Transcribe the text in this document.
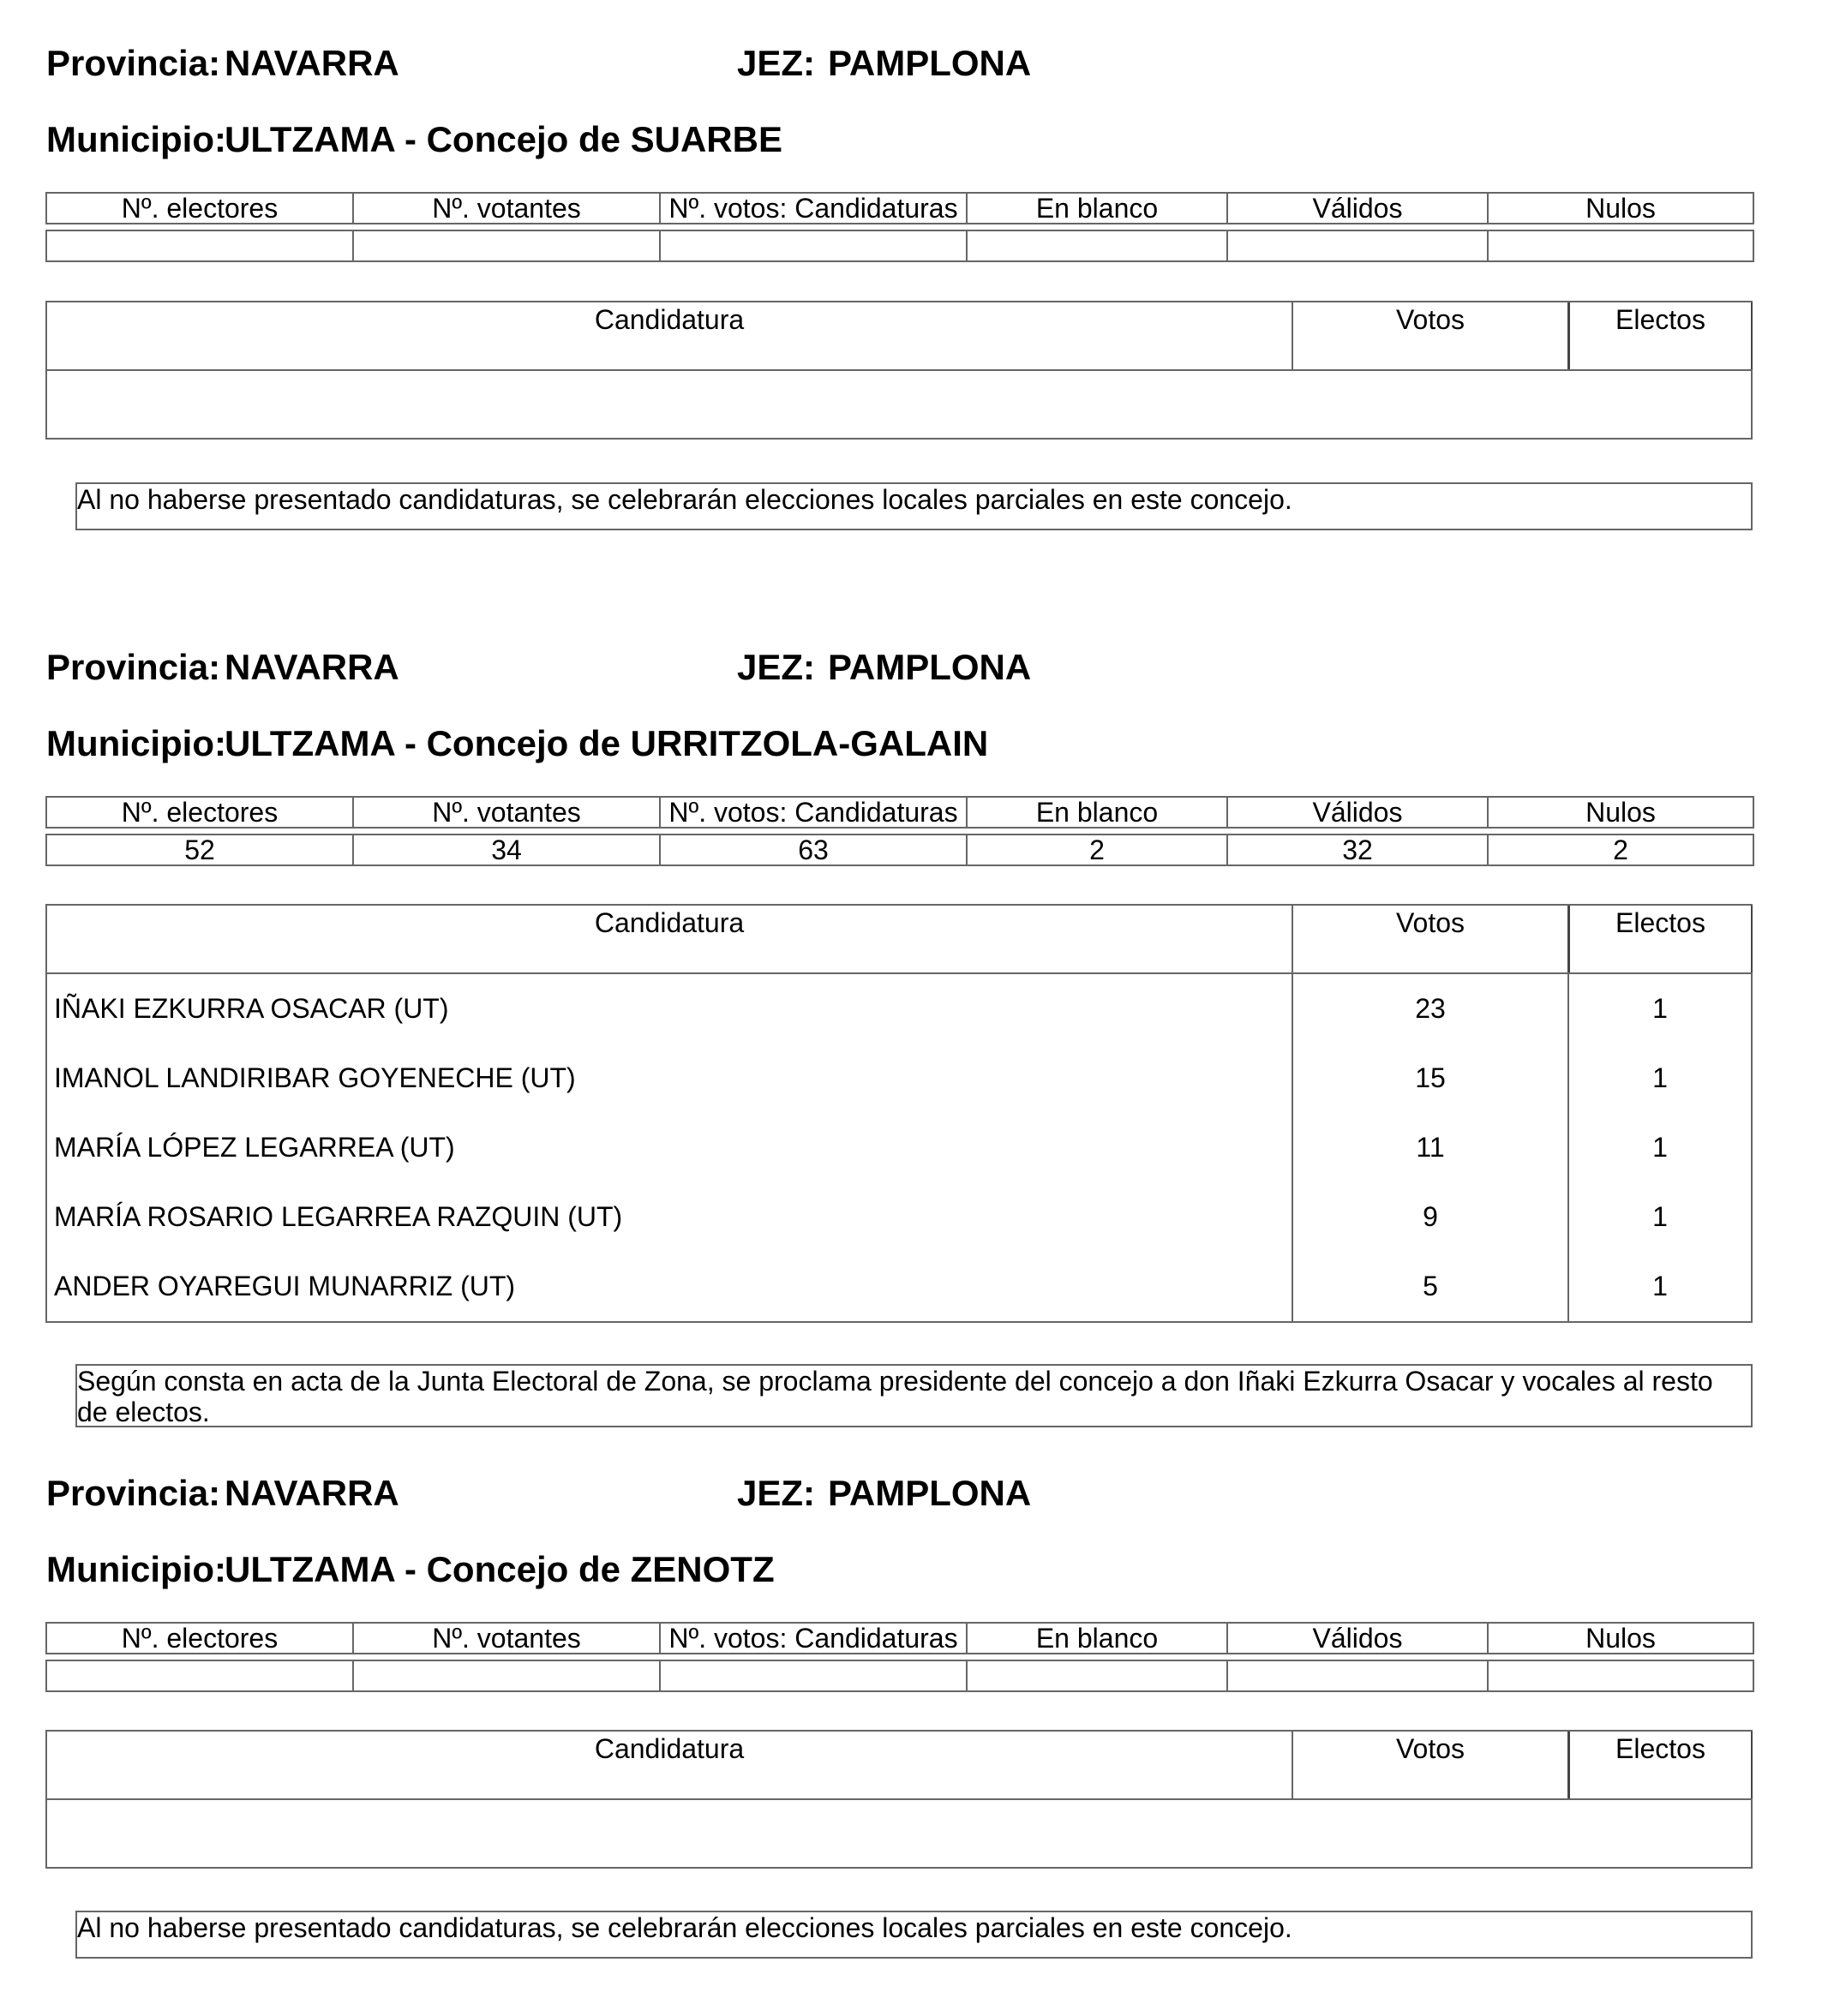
Provincia: NAVARRA	JEZ: PAMPLONA
Municipio:
ULTZAMA - Concejo de SUARBE
Nº. electores	Nº. votantes	Nº. votos: Candidaturas	En blanco	Válidos	Nulos

Candidatura	Votos	Electos
Al no haberse presentado candidaturas, se celebrarán elecciones locales parciales en este concejo.
Provincia: NAVARRA	JEZ: PAMPLONA
Municipio:
ULTZAMA - Concejo de URRITZOLA-GALAIN
Nº. electores	Nº. votantes	Nº. votos: Candidaturas	En blanco	Válidos	Nulos

52	34	63	2	32	2
Candidatura	Votos	Electos
IÑAKI EZKURRA OSACAR (UT)	23	1
IMANOL LANDIRIBAR GOYENECHE (UT)	15	1
MARÍA LÓPEZ LEGARREA (UT)	11	1
MARÍA ROSARIO LEGARREA RAZQUIN (UT)	9	1
ANDER OYAREGUI MUNARRIZ (UT)	5	1
Según consta en acta de la Junta Electoral de Zona, se proclama presidente del concejo a don Iñaki Ezkurra Osacar y vocales al resto de electos.
Provincia: NAVARRA	JEZ: PAMPLONA
Municipio:
ULTZAMA - Concejo de ZENOTZ
Nº. electores	Nº. votantes	Nº. votos: Candidaturas	En blanco	Válidos	Nulos

Candidatura	Votos	Electos
Al no haberse presentado candidaturas, se celebrarán elecciones locales parciales en este concejo.
